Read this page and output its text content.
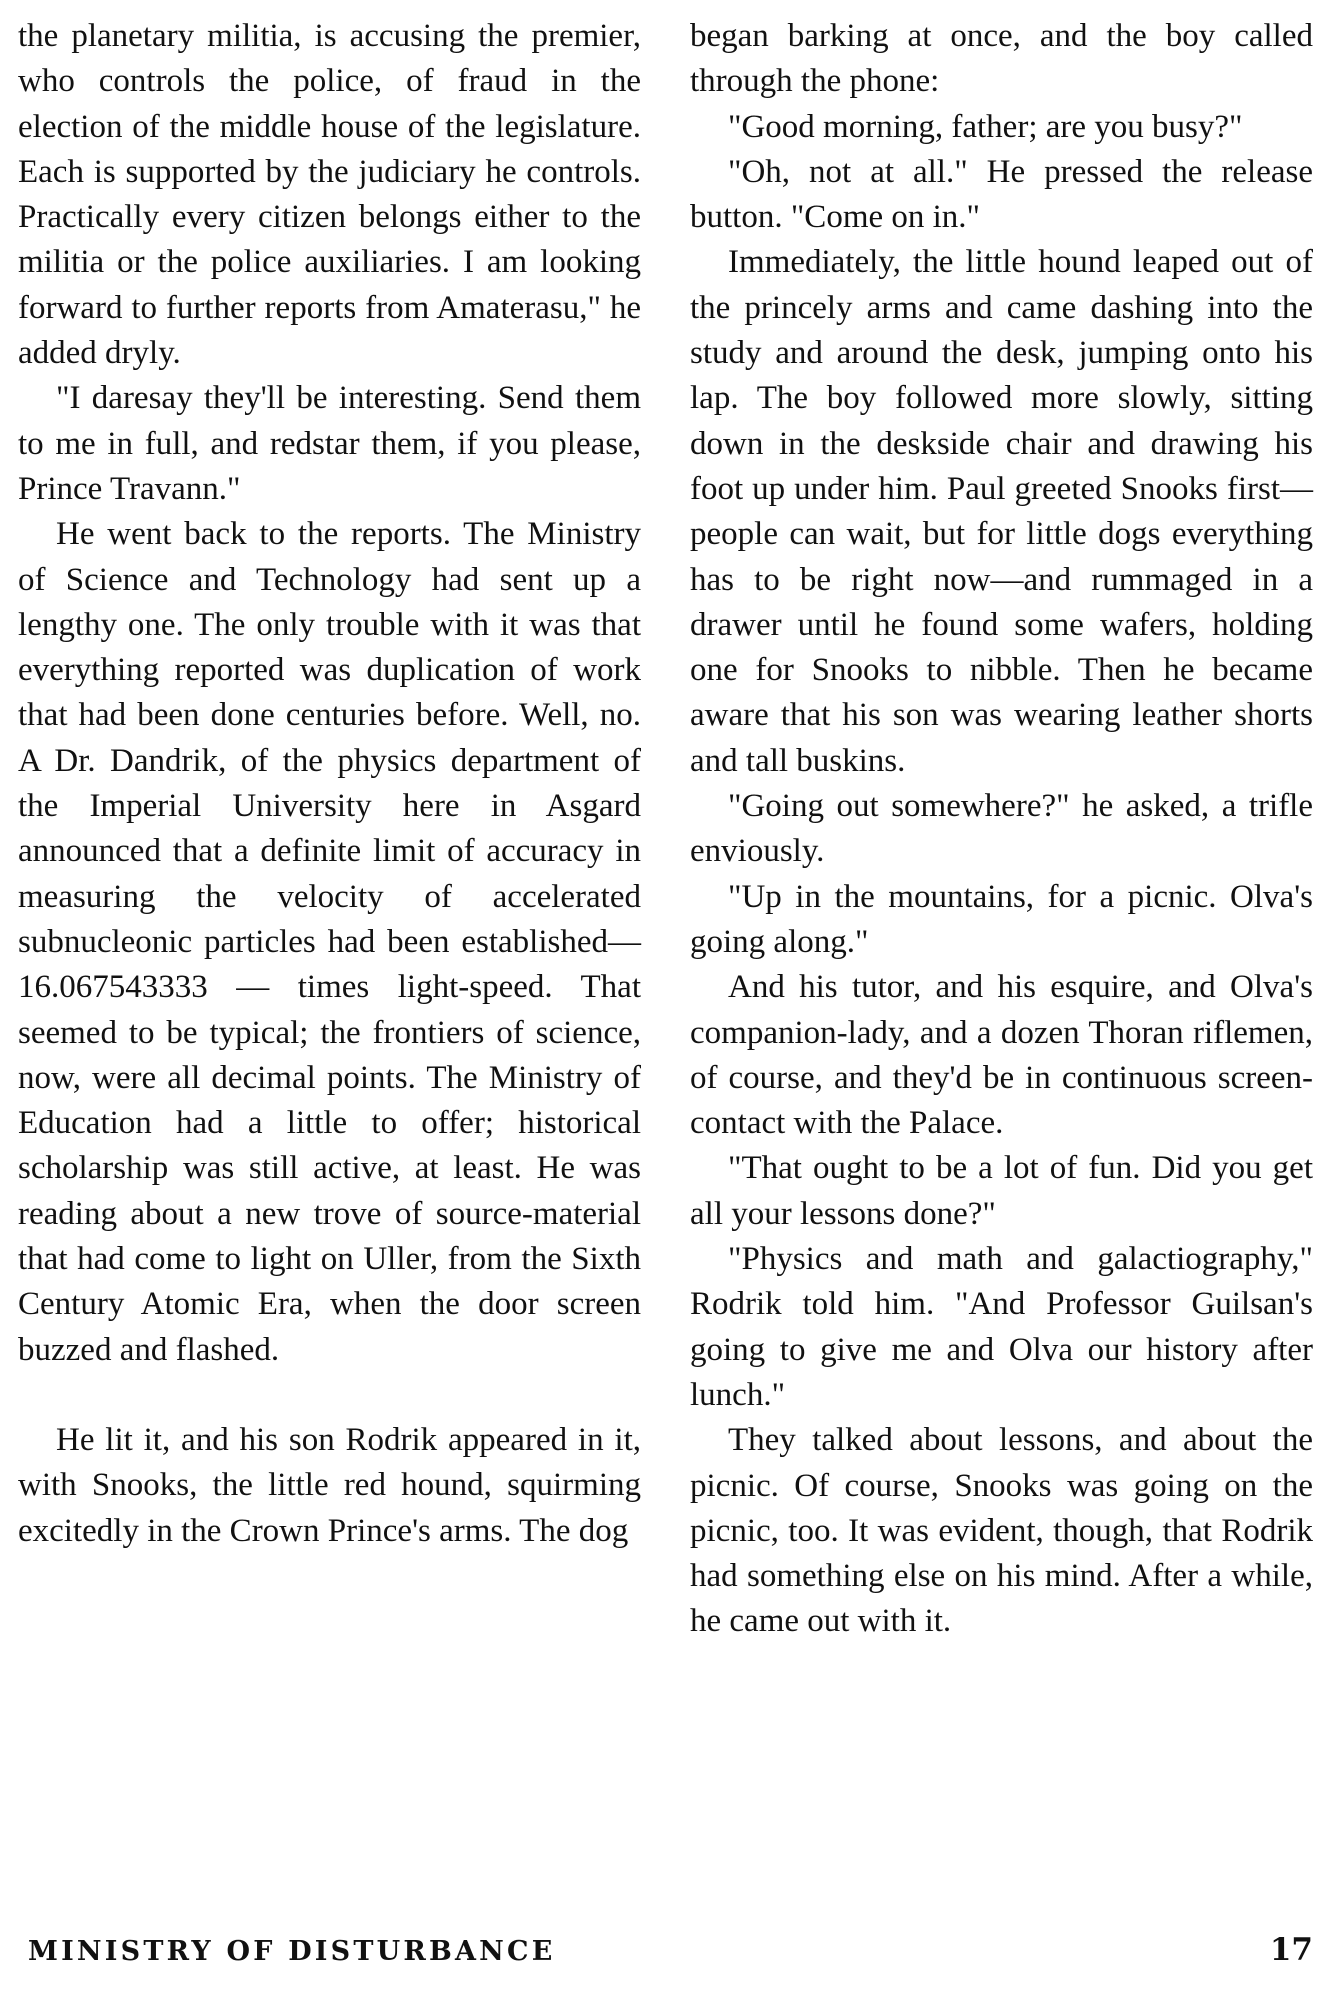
the planetary militia, is accusing the premier, who controls the police, of fraud in the election of the middle house of the legislature. Each is supported by the judiciary he controls. Practically every citizen belongs either to the militia or the police auxiliaries. I am looking forward to further reports from Amaterasu," he added dryly.

"I daresay they'll be interesting. Send them to me in full, and redstar them, if you please, Prince Travann."

He went back to the reports. The Ministry of Science and Technology had sent up a lengthy one. The only trouble with it was that everything reported was duplication of work that had been done centuries before. Well, no. A Dr. Dandrik, of the physics department of the Imperial University here in Asgard announced that a definite limit of accuracy in measuring the velocity of accelerated subnucleonic particles had been established— 16.067543333 — times light-speed. That seemed to be typical; the frontiers of science, now, were all decimal points. The Ministry of Education had a little to offer; historical scholarship was still active, at least. He was reading about a new trove of source-material that had come to light on Uller, from the Sixth Century Atomic Era, when the door screen buzzed and flashed.

He lit it, and his son Rodrik appeared in it, with Snooks, the little red hound, squirming excitedly in the Crown Prince's arms. The dog

began barking at once, and the boy called through the phone:

"Good morning, father; are you busy?"

"Oh, not at all." He pressed the release button. "Come on in."

Immediately, the little hound leaped out of the princely arms and came dashing into the study and around the desk, jumping onto his lap. The boy followed more slowly, sitting down in the deskside chair and drawing his foot up under him. Paul greeted Snooks first—people can wait, but for little dogs everything has to be right now—and rummaged in a drawer until he found some wafers, holding one for Snooks to nibble. Then he became aware that his son was wearing leather shorts and tall buskins.

"Going out somewhere?" he asked, a trifle enviously.

"Up in the mountains, for a picnic. Olva's going along."

And his tutor, and his esquire, and Olva's companion-lady, and a dozen Thoran riflemen, of course, and they'd be in continuous screen-contact with the Palace.

"That ought to be a lot of fun. Did you get all your lessons done?"

"Physics and math and galactiography," Rodrik told him. "And Professor Guilsan's going to give me and Olva our history after lunch."

They talked about lessons, and about the picnic. Of course, Snooks was going on the picnic, too. It was evident, though, that Rodrik had something else on his mind. After a while, he came out with it.

MINISTRY OF DISTURBANCE	17
